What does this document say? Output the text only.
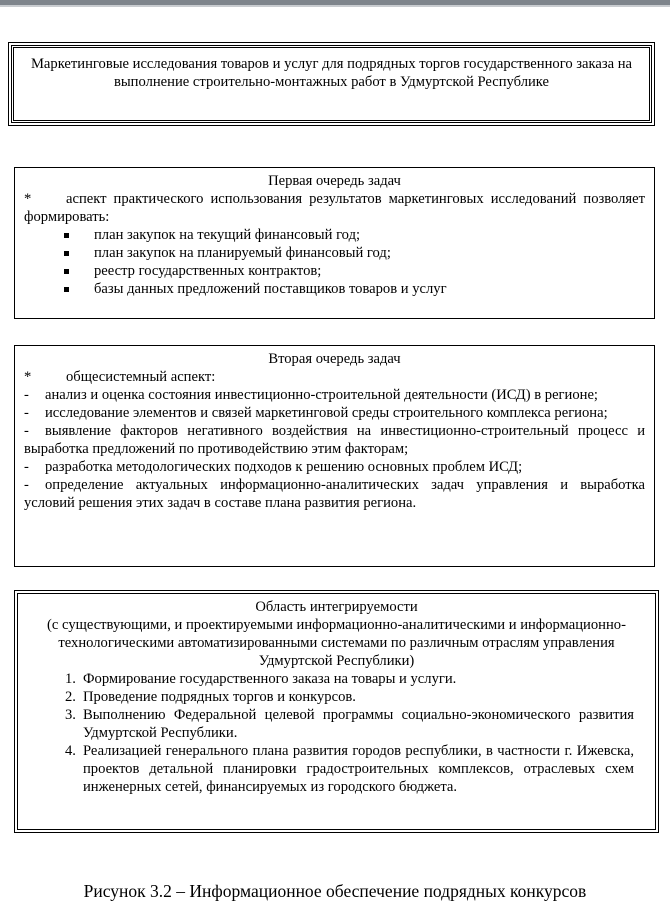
Маркетинговые исследования товаров и услуг для подрядных торгов государственного заказа на выполнение строительно-монтажных работ в Удмуртской Республике
Первая очередь задач
* аспект практического использования результатов маркетинговых исследований позволяет формировать:
план закупок на текущий финансовый год;
план закупок на планируемый финансовый год;
реестр государственных контрактов;
базы данных предложений поставщиков товаров и услуг
Вторая очередь задач
* общесистемный аспект:
- анализ и оценка состояния инвестиционно-строительной деятельности (ИСД) в регионе;
- исследование элементов и связей маркетинговой среды строительного комплекса региона;
- выявление факторов негативного воздействия на инвестиционно-строительный процесс и выработка предложений по противодействию этим факторам;
- разработка методологических подходов к решению основных проблем ИСД;
- определение актуальных информационно-аналитических задач управления и выработка условий решения этих задач в составе плана развития региона.
Область интегрируемости
(с существующими, и проектируемыми информационно-аналитическими и информационно-технологическими автоматизированными системами по различным отраслям управления Удмуртской Республики)
1. Формирование государственного заказа на товары и услуги.
2. Проведение подрядных торгов и конкурсов.
3. Выполнению Федеральной целевой программы социально-экономического развития Удмуртской Республики.
4. Реализацией генерального плана развития городов республики, в частности г. Ижевска, проектов детальной планировки градостроительных комплексов, отраслевых схем инженерных сетей, финансируемых из городского бюджета.
Рисунок 3.2 – Информационное обеспечение подрядных конкурсов
